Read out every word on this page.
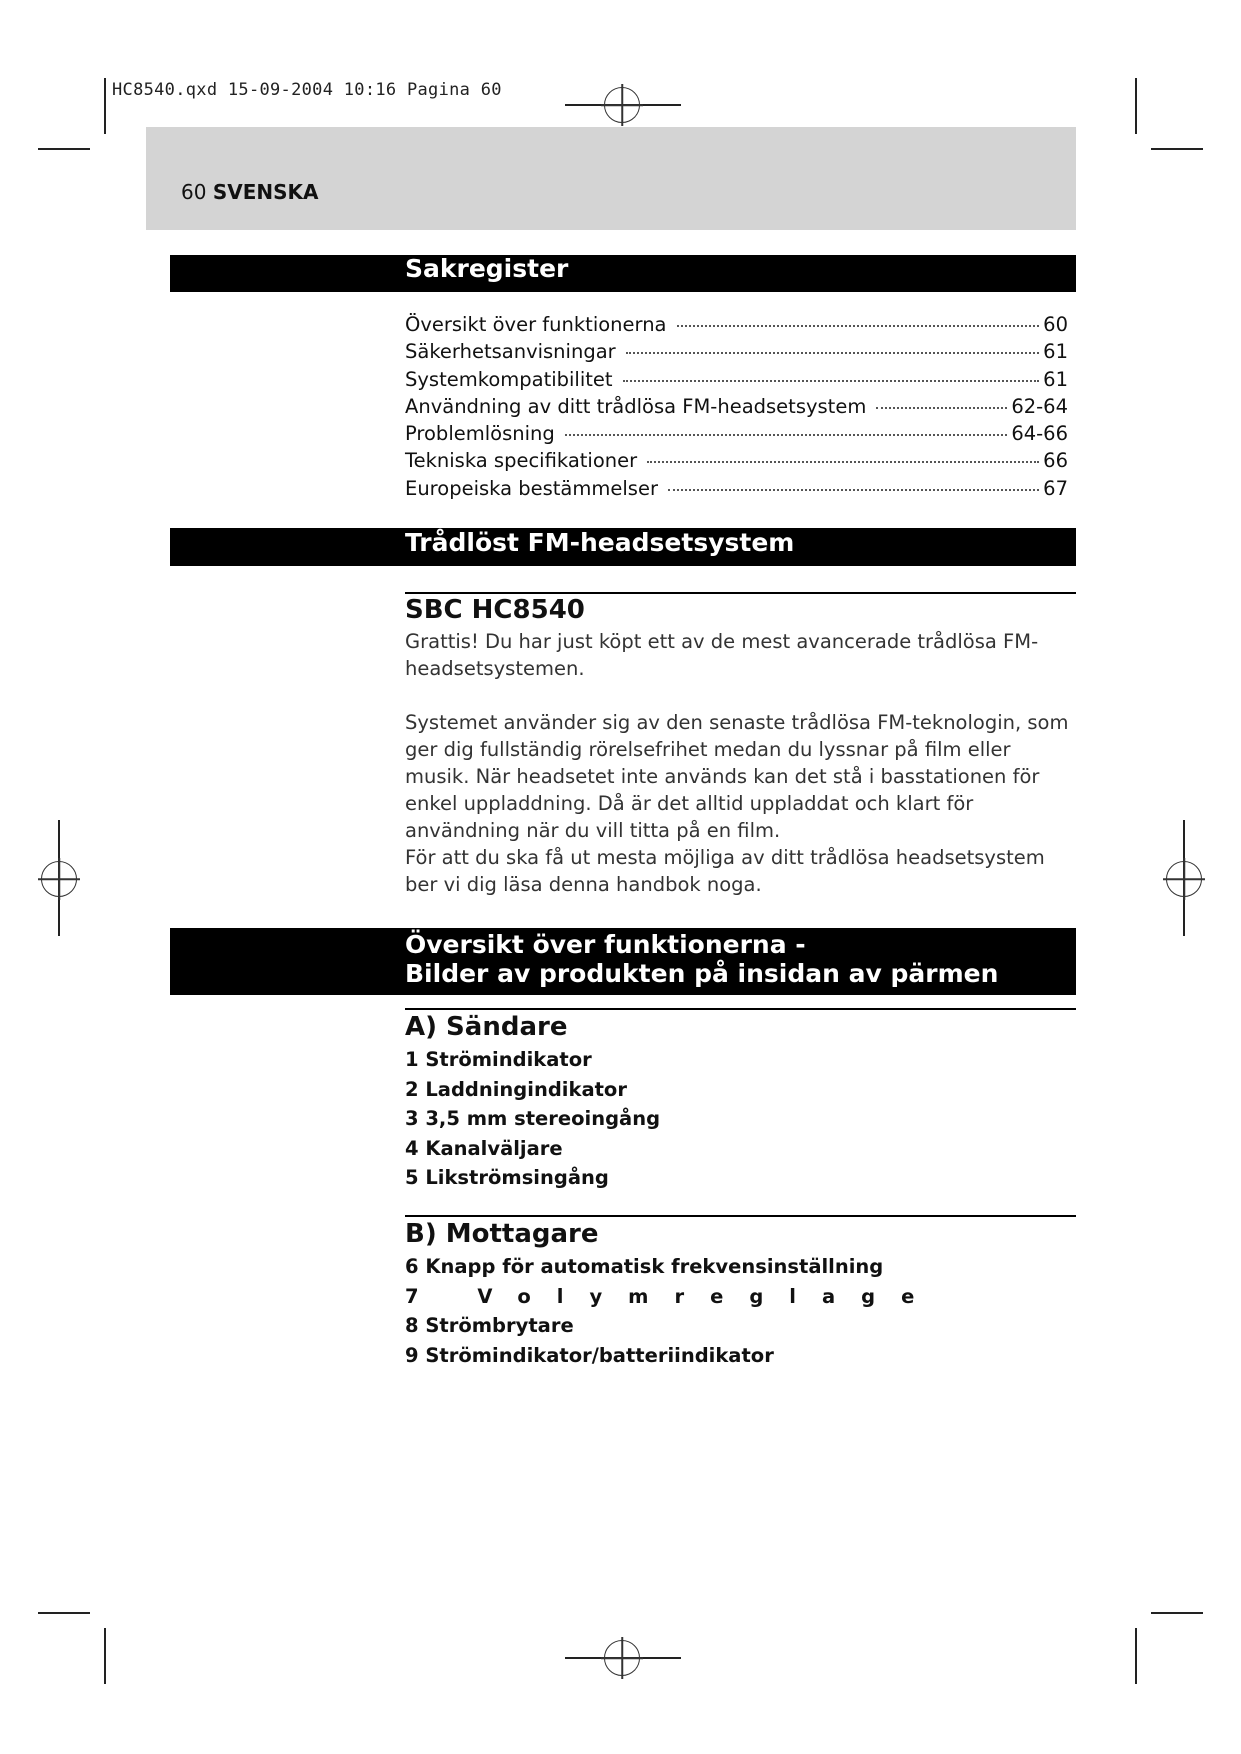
HC8540.qxd 15-09-2004 10:16 Pagina 60
60 SVENSKA
Sakregister
Översikt över funktionerna	60
Säkerhetsanvisningar	61
Systemkompatibilitet	61
Användning av ditt trådlösa FM-headsetsystem	62-64
Problemlösning	64-66
Tekniska specifikationer	66
Europeiska bestämmelser	67
Trådlöst FM-headsetsystem
SBC HC8540
Grattis! Du har just köpt ett av de mest avancerade trådlösa FM-headsetsystemen.
Systemet använder sig av den senaste trådlösa FM-teknologin, som ger dig fullständig rörelsefrihet medan du lyssnar på film eller musik. När headsetet inte används kan det stå i basstationen för enkel uppladdning. Då är det alltid uppladdat och klart för användning när du vill titta på en film.
För att du ska få ut mesta möjliga av ditt trådlösa headsetsystem ber vi dig läsa denna handbok noga.
Översikt över funktionerna -
Bilder av produkten på insidan av pärmen
A) Sändare
1 Strömindikator
2 Laddningindikator
3 3,5 mm stereoingång
4 Kanalväljare
5 Likströmsingång
B) Mottagare
6 Knapp för automatisk frekvensinställning
7 Volymreglage
8 Strömbrytare
9 Strömindikator/batteriindikator
